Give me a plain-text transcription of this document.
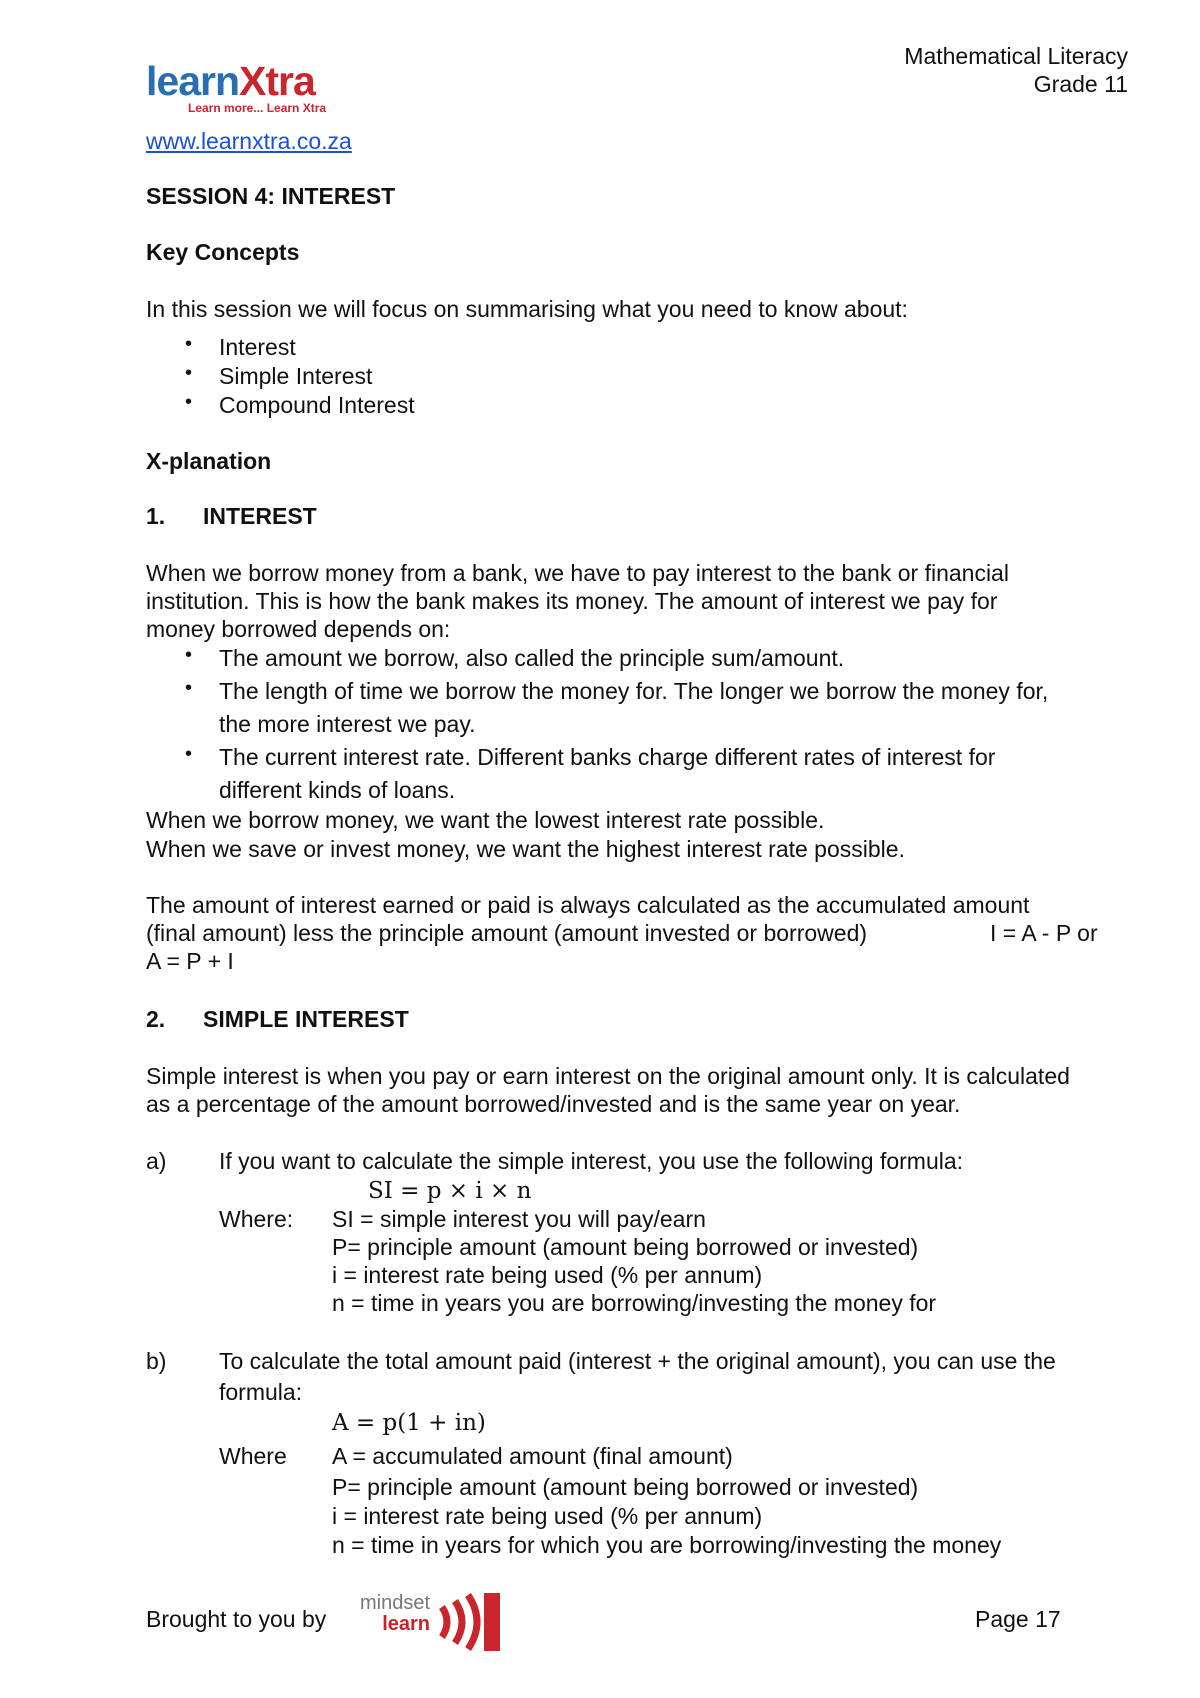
Mathematical Literacy
Grade 11
learnXtra
Learn more... Learn Xtra
www.learnxtra.co.za
SESSION 4: INTEREST
Key Concepts
In this session we will focus on summarising what you need to know about:
• Interest
• Simple Interest
• Compound Interest
X-planation
1. INTEREST
When we borrow money from a bank, we have to pay interest to the bank or financial
institution. This is how the bank makes its money. The amount of interest we pay for
money borrowed depends on:
• The amount we borrow, also called the principle sum/amount.
• The length of time we borrow the money for. The longer we borrow the money for,
the more interest we pay.
• The current interest rate. Different banks charge different rates of interest for
different kinds of loans.
When we borrow money, we want the lowest interest rate possible.
When we save or invest money, we want the highest interest rate possible.
The amount of interest earned or paid is always calculated as the accumulated amount
(final amount) less the principle amount (amount invested or borrowed)	I = A - P or
A = P + I
2. SIMPLE INTEREST
Simple interest is when you pay or earn interest on the original amount only. It is calculated
as a percentage of the amount borrowed/invested and is the same year on year.
a) If you want to calculate the simple interest, you use the following formula:
SI = p × i × n
Where: SI = simple interest you will pay/earn
P= principle amount (amount being borrowed or invested)
i = interest rate being used (% per annum)
n = time in years you are borrowing/investing the money for
b) To calculate the total amount paid (interest + the original amount), you can use the
formula:
A = p(1 + in)
Where A = accumulated amount (final amount)
P= principle amount (amount being borrowed or invested)
i = interest rate being used (% per annum)
n = time in years for which you are borrowing/investing the money
Brought to you by
mindset
learn	Page 17
